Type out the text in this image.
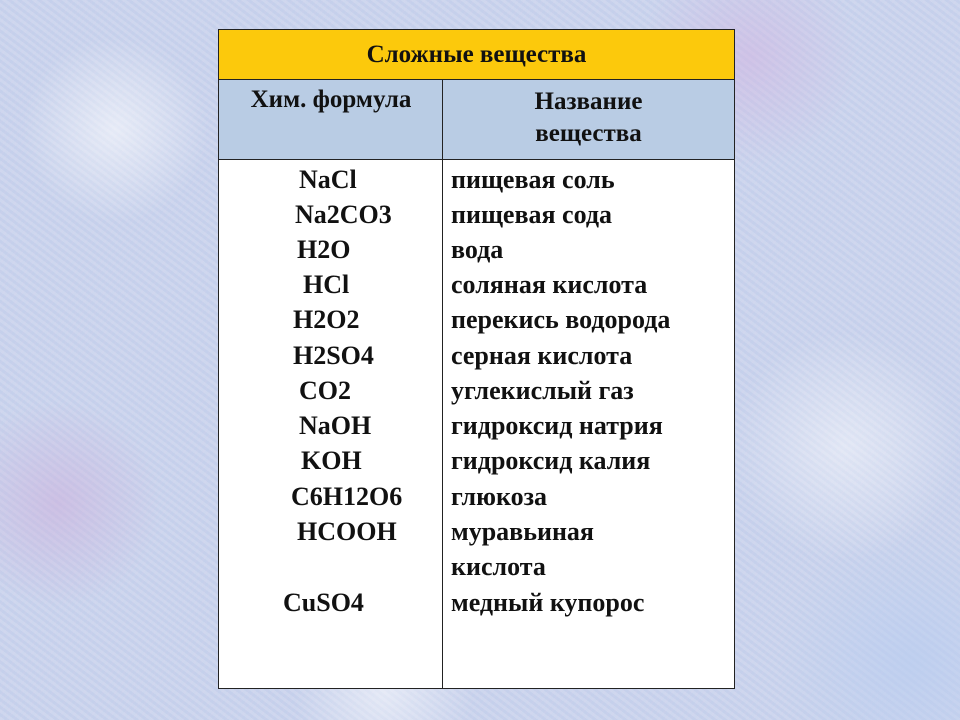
Сложные вещества
Хим. формула	Название
вещества
NaCl
Na2CO3
H2O
HCl
H2O2
H2SO4
CO2
NaOH
KOH
C6H12O6
HCOOH
CuSO4
пищевая соль
пищевая сода
вода
соляная кислота
перекись водорода
серная кислота
углекислый газ
гидроксид натрия
гидроксид калия
глюкоза
муравьиная
кислота
медный купорос
